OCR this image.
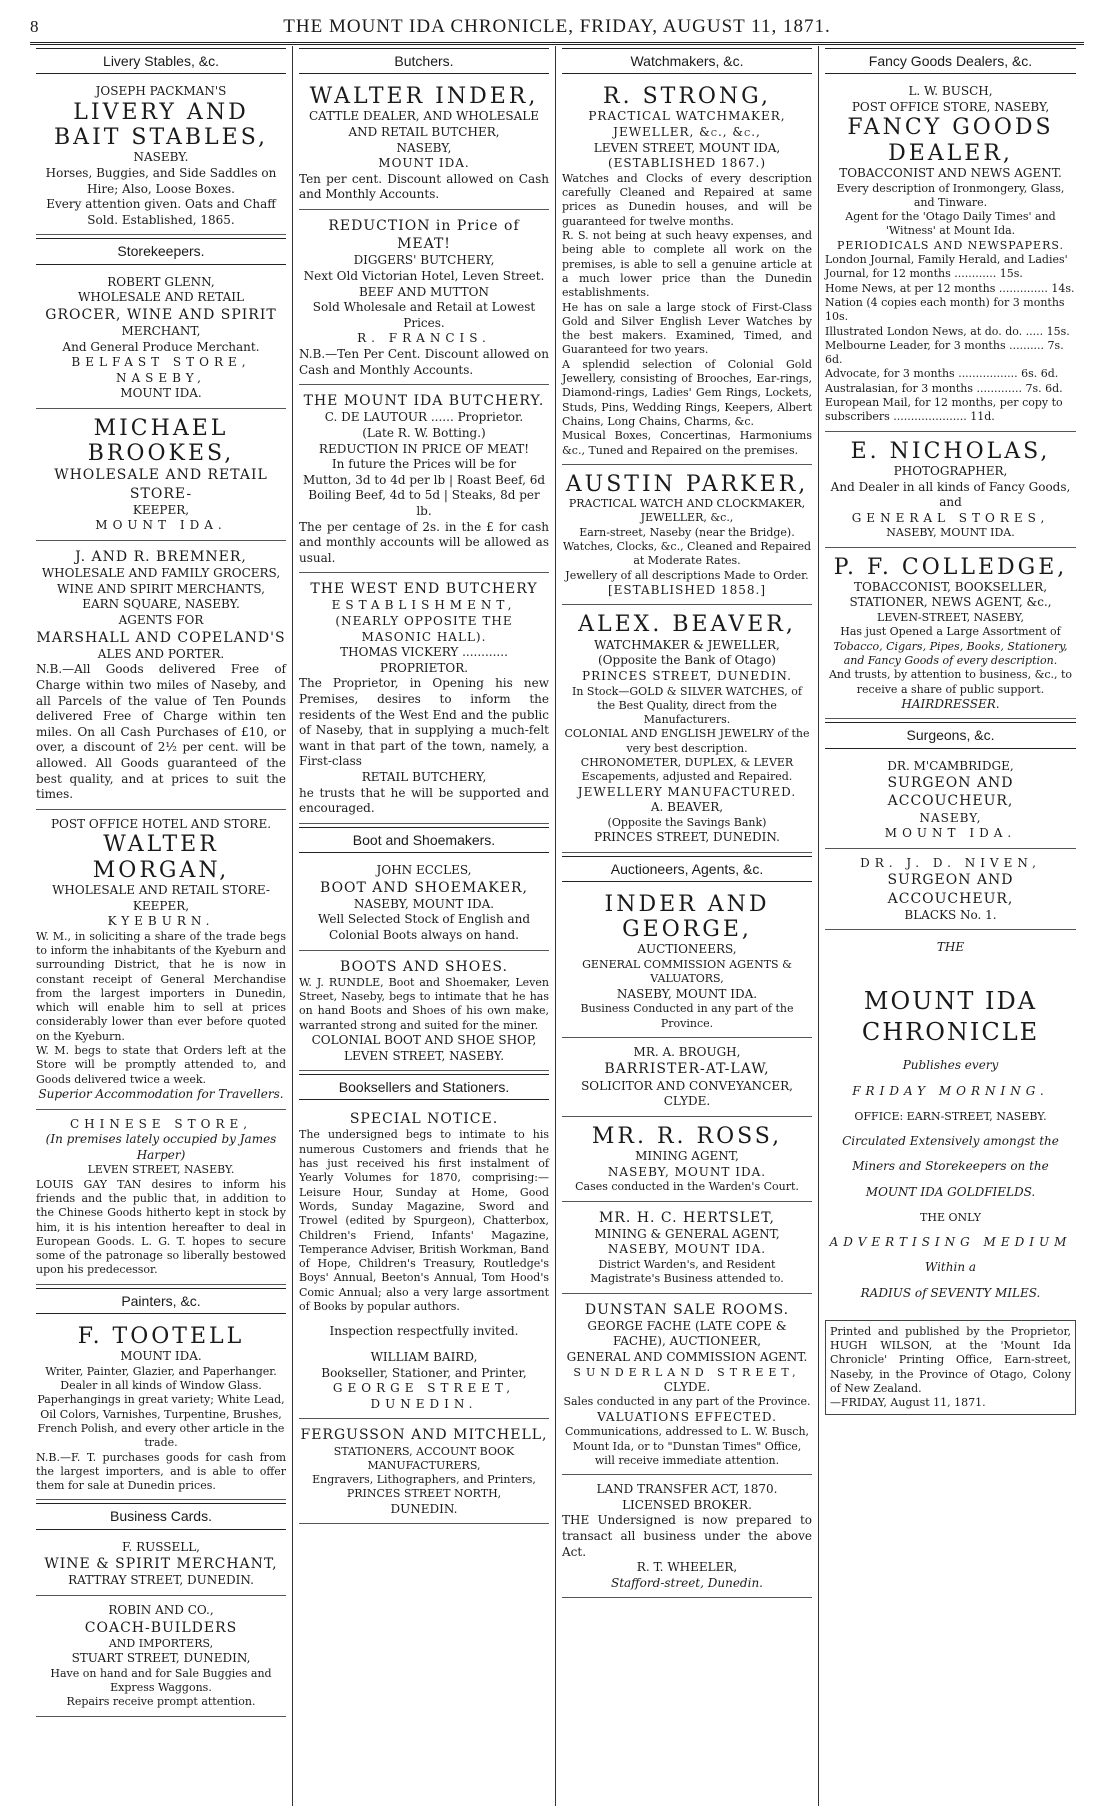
8	THE MOUNT IDA CHRONICLE, FRIDAY, AUGUST 11, 1871.
Livery Stables, &c.
JOSEPH PACKMAN'S
LIVERY AND BAIT STABLES,
NASEBY.
Horses, Buggies, and Side Saddles on Hire; Also, Loose Boxes.
Every attention given. Oats and Chaff Sold. Established, 1865.
Storekeepers.
ROBERT GLENN,
WHOLESALE AND RETAIL
GROCER, WINE AND SPIRIT
MERCHANT,
And General Produce Merchant.
BELFAST STORE, NASEBY,
MOUNT IDA.
MICHAEL BROOKES,
WHOLESALE AND RETAIL STORE-
KEEPER,
MOUNT IDA.
J. AND R. BREMNER,
WHOLESALE AND FAMILY GROCERS,
WINE AND SPIRIT MERCHANTS,
EARN SQUARE, NASEBY.
AGENTS FOR
MARSHALL AND COPELAND'S
ALES AND PORTER.
N.B.—All Goods delivered Free of Charge within two miles of Naseby, and all Parcels of the value of Ten Pounds delivered Free of Charge within ten miles. On all Cash Purchases of £10, or over, a discount of 2½ per cent. will be allowed. All Goods guaranteed of the best quality, and at prices to suit the times.
POST OFFICE HOTEL AND STORE.
WALTER MORGAN,
WHOLESALE AND RETAIL STORE-KEEPER,
KYEBURN.
W. M., in soliciting a share of the trade begs to inform the inhabitants of the Kyeburn and surrounding District, that he is now in constant receipt of General Merchandise from the largest importers in Dunedin, which will enable him to sell at prices considerably lower than ever before quoted on the Kyeburn.
W. M. begs to state that Orders left at the Store will be promptly attended to, and Goods delivered twice a week.
Superior Accommodation for Travellers.
CHINESE STORE,
(In premises lately occupied by James Harper)
LEVEN STREET, NASEBY.
LOUIS GAY TAN desires to inform his friends and the public that, in addition to the Chinese Goods hitherto kept in stock by him, it is his intention hereafter to deal in European Goods. L. G. T. hopes to secure some of the patronage so liberally bestowed upon his predecessor.
Painters, &c.
F. TOOTELL
MOUNT IDA.
Writer, Painter, Glazier, and Paperhanger. Dealer in all kinds of Window Glass.
Paperhangings in great variety; White Lead, Oil Colors, Varnishes, Turpentine, Brushes, French Polish, and every other article in the trade.
N.B.—F. T. purchases goods for cash from the largest importers, and is able to offer them for sale at Dunedin prices.
Business Cards.
F. RUSSELL,
WINE & SPIRIT MERCHANT,
RATTRAY STREET, DUNEDIN.
ROBIN AND CO.,
COACH-BUILDERS
AND IMPORTERS,
STUART STREET, DUNEDIN,
Have on hand and for Sale Buggies and Express Waggons.
Repairs receive prompt attention.
Butchers.
WALTER INDER,
CATTLE DEALER, AND WHOLESALE AND RETAIL BUTCHER,
NASEBY,
MOUNT IDA.
Ten per cent. Discount allowed on Cash and Monthly Accounts.
REDUCTION in Price of MEAT!
DIGGERS' BUTCHERY,
Next Old Victorian Hotel, Leven Street.
BEEF AND MUTTON
Sold Wholesale and Retail at Lowest Prices.
R. FRANCIS.
N.B.—Ten Per Cent. Discount allowed on Cash and Monthly Accounts.
THE MOUNT IDA BUTCHERY.
C. DE LAUTOUR ...... Proprietor.
(Late R. W. Botting.)
REDUCTION IN PRICE OF MEAT!
In future the Prices will be for
Mutton, 3d to 4d per lb | Roast Beef, 6d
Boiling Beef, 4d to 5d | Steaks, 8d per lb.
The per centage of 2s. in the £ for cash and monthly accounts will be allowed as usual.
THE WEST END BUTCHERY
ESTABLISHMENT,
(NEARLY OPPOSITE THE MASONIC HALL).
THOMAS VICKERY ............ PROPRIETOR.
The Proprietor, in Opening his new Premises, desires to inform the residents of the West End and the public of Naseby, that in supplying a much-felt want in that part of the town, namely, a First-class
RETAIL BUTCHERY,
he trusts that he will be supported and encouraged.
Boot and Shoemakers.
JOHN ECCLES,
BOOT AND SHOEMAKER,
NASEBY, MOUNT IDA.
Well Selected Stock of English and Colonial Boots always on hand.
BOOTS AND SHOES.
W. J. RUNDLE, Boot and Shoemaker, Leven Street, Naseby, begs to intimate that he has on hand Boots and Shoes of his own make, warranted strong and suited for the miner.
COLONIAL BOOT AND SHOE SHOP, LEVEN STREET, NASEBY.
Booksellers and Stationers.
SPECIAL NOTICE.
The undersigned begs to intimate to his numerous Customers and friends that he has just received his first instalment of Yearly Volumes for 1870, comprising:—Leisure Hour, Sunday at Home, Good Words, Sunday Magazine, Sword and Trowel (edited by Spurgeon), Chatterbox, Children's Friend, Infants' Magazine, Temperance Adviser, British Workman, Band of Hope, Children's Treasury, Routledge's Boys' Annual, Beeton's Annual, Tom Hood's Comic Annual; also a very large assortment of Books by popular authors.
Inspection respectfully invited.
WILLIAM BAIRD,
Bookseller, Stationer, and Printer,
GEORGE STREET, DUNEDIN.
FERGUSSON AND MITCHELL,
STATIONERS, ACCOUNT BOOK MANUFACTURERS,
Engravers, Lithographers, and Printers,
PRINCES STREET NORTH,
DUNEDIN.
Watchmakers, &c.
R. STRONG,
PRACTICAL WATCHMAKER, JEWELLER, &c., &c.,
LEVEN STREET, MOUNT IDA,
(ESTABLISHED 1867.)
Watches and Clocks of every description carefully Cleaned and Repaired at same prices as Dunedin houses, and will be guaranteed for twelve months.
R. S. not being at such heavy expenses, and being able to complete all work on the premises, is able to sell a genuine article at a much lower price than the Dunedin establishments.
He has on sale a large stock of First-Class Gold and Silver English Lever Watches by the best makers. Examined, Timed, and Guaranteed for two years.
A splendid selection of Colonial Gold Jewellery, consisting of Brooches, Ear-rings, Diamond-rings, Ladies' Gem Rings, Lockets, Studs, Pins, Wedding Rings, Keepers, Albert Chains, Long Chains, Charms, &c.
Musical Boxes, Concertinas, Harmoniums &c., Tuned and Repaired on the premises.
AUSTIN PARKER,
PRACTICAL WATCH AND CLOCKMAKER, JEWELLER, &c.,
Earn-street, Naseby (near the Bridge).
Watches, Clocks, &c., Cleaned and Repaired at Moderate Rates.
Jewellery of all descriptions Made to Order.
[ESTABLISHED 1858.]
ALEX. BEAVER,
WATCHMAKER & JEWELLER,
(Opposite the Bank of Otago)
PRINCES STREET, DUNEDIN.
In Stock—GOLD & SILVER WATCHES, of the Best Quality, direct from the Manufacturers.
COLONIAL AND ENGLISH JEWELRY of the very best description.
CHRONOMETER, DUPLEX, & LEVER Escapements, adjusted and Repaired.
JEWELLERY MANUFACTURED.
A. BEAVER,
(Opposite the Savings Bank)
PRINCES STREET, DUNEDIN.
Auctioneers, Agents, &c.
INDER AND GEORGE,
AUCTIONEERS,
GENERAL COMMISSION AGENTS & VALUATORS,
NASEBY, MOUNT IDA.
Business Conducted in any part of the Province.
MR. A. BROUGH,
BARRISTER-AT-LAW,
SOLICITOR AND CONVEYANCER,
CLYDE.
MR. R. ROSS,
MINING AGENT,
NASEBY, MOUNT IDA.
Cases conducted in the Warden's Court.
MR. H. C. HERTSLET,
MINING & GENERAL AGENT,
NASEBY, MOUNT IDA.
District Warden's, and Resident Magistrate's Business attended to.
DUNSTAN SALE ROOMS.
GEORGE FACHE (LATE COPE & FACHE), AUCTIONEER,
GENERAL AND COMMISSION AGENT.
SUNDERLAND STREET,
CLYDE.
Sales conducted in any part of the Province.
VALUATIONS EFFECTED.
Communications, addressed to L. W. Busch, Mount Ida, or to "Dunstan Times" Office, will receive immediate attention.
LAND TRANSFER ACT, 1870.
LICENSED BROKER.
THE Undersigned is now prepared to transact all business under the above Act.
R. T. WHEELER,
Stafford-street, Dunedin.
Fancy Goods Dealers, &c.
L. W. BUSCH,
POST OFFICE STORE, NASEBY,
FANCY GOODS DEALER,
TOBACCONIST AND NEWS AGENT.
Every description of Ironmongery, Glass, and Tinware.
Agent for the 'Otago Daily Times' and 'Witness' at Mount Ida.
PERIODICALS AND NEWSPAPERS.
London Journal, Family Herald, and Ladies' Journal, for 12 months ............ 15s.
Home News, at per 12 months .............. 14s.
Nation (4 copies each month) for 3 months 10s.
Illustrated London News, at do. do. ..... 15s.
Melbourne Leader, for 3 months .......... 7s. 6d.
Advocate, for 3 months ................. 6s. 6d.
Australasian, for 3 months ............. 7s. 6d.
European Mail, for 12 months, per copy to subscribers ..................... 11d.
E. NICHOLAS,
PHOTOGRAPHER,
And Dealer in all kinds of Fancy Goods, and
GENERAL STORES,
NASEBY, MOUNT IDA.
P. F. COLLEDGE,
TOBACCONIST, BOOKSELLER, STATIONER, NEWS AGENT, &c.,
LEVEN-STREET, NASEBY,
Has just Opened a Large Assortment of
Tobacco, Cigars, Pipes, Books, Stationery, and Fancy Goods of every description.
And trusts, by attention to business, &c., to receive a share of public support.
HAIRDRESSER.
Surgeons, &c.
DR. M'CAMBRIDGE,
SURGEON AND ACCOUCHEUR,
NASEBY,
MOUNT IDA.
DR. J. D. NIVEN,
SURGEON AND ACCOUCHEUR,
BLACKS No. 1.
THE
MOUNT IDA CHRONICLE
Publishes every
FRIDAY MORNING.
OFFICE: EARN-STREET, NASEBY.
Circulated Extensively amongst the
Miners and Storekeepers on the
MOUNT IDA GOLDFIELDS.
THE ONLY
ADVERTISING MEDIUM
Within a
RADIUS of SEVENTY MILES.
Printed and published by the Proprietor, HUGH WILSON, at the 'Mount Ida Chronicle' Printing Office, Earn-street, Naseby, in the Province of Otago, Colony of New Zealand.
—FRIDAY, August 11, 1871.
